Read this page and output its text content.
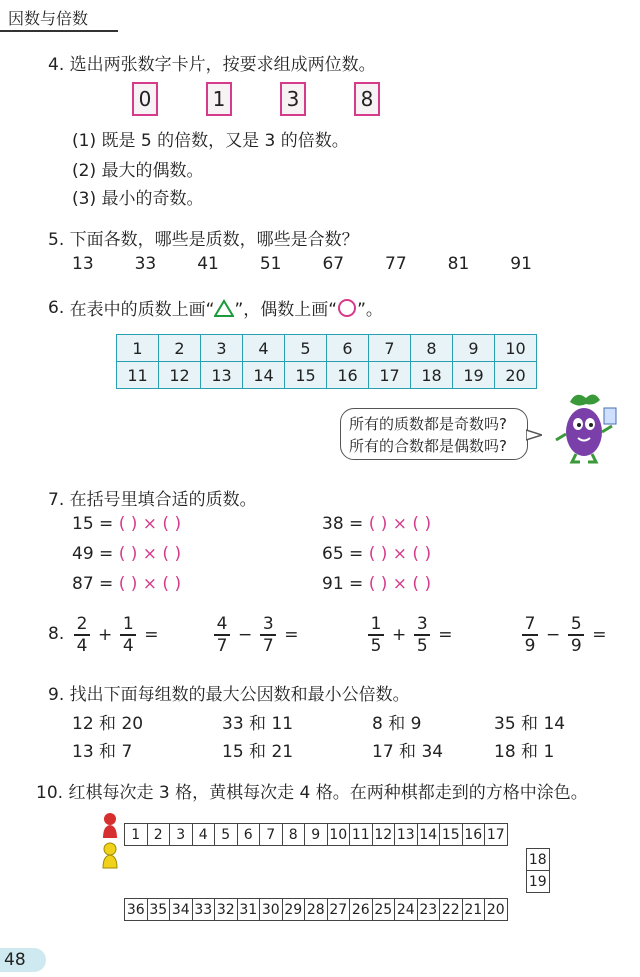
因数与倍数
4. 选出两张数字卡片，按要求组成两位数。
0	1	3	8
(1) 既是 5 的倍数，又是 3 的倍数。
(2) 最大的偶数。
(3) 最小的奇数。
5. 下面各数，哪些是质数，哪些是合数？
13 33 41 51 67 77 81 91
6.
在表中的质数上画“ ”，偶数上画“ ”。
1	2	3	4	5	6	7	8	9	10
11	12	13	14	15	16	17	18	19	20
所有的质数都是奇数吗?
所有的合数都是偶数吗?
7. 在括号里填合适的质数。
15 = ( ) × ( )
49 = ( ) × ( )
87 = ( ) × ( )
38 = ( ) × ( )
65 = ( ) × ( )
91 = ( ) × ( )
8. $\frac{2}{4} + \frac{1}{4}$ =	$\frac{4}{7} - \frac{3}{7}$ =	$\frac{1}{5} + \frac{3}{5}$ =	$\frac{7}{9} - \frac{5}{9}$ =
9. 找出下面每组数的最大公因数和最小公倍数。
12 和 20	33 和 11	8 和 9	35 和 14
13 和 7	15 和 21	17 和 34	18 和 1
10. 红棋每次走 3 格，黄棋每次走 4 格。在两种棋都走到的方格中涂色。
1	2	3	4	5	6	7	8	9	10	11	12	13	14	15	16	17
18
19
36	35	34	33	32	31	30	29	28	27	26	25	24	23	22	21	20
48
